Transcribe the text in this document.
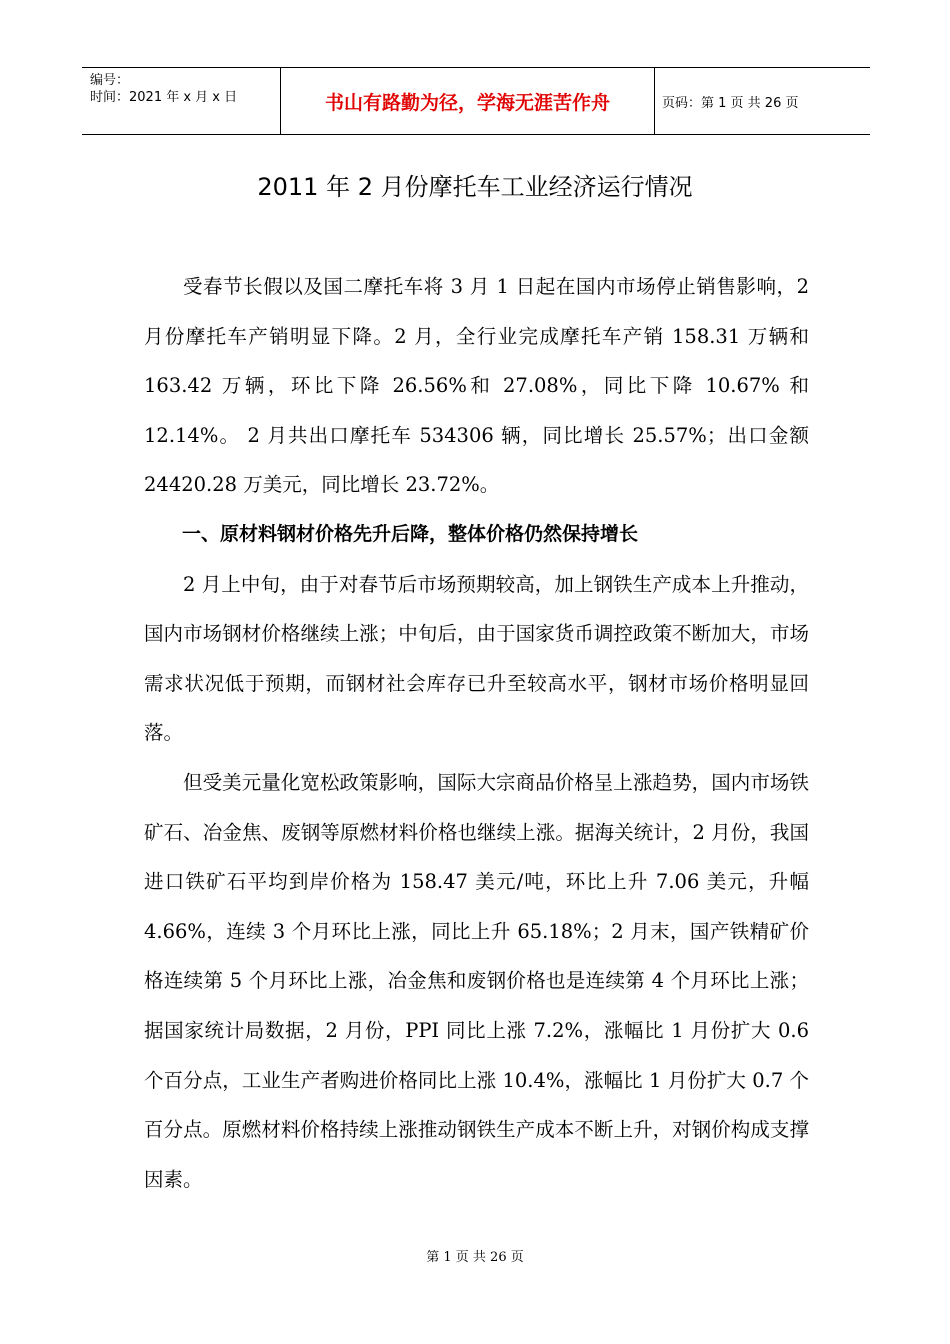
编号：
时间：2021 年 x 月 x 日	书山有路勤为径，学海无涯苦作舟	页码：第 1 页 共 26 页
2011 年 2 月份摩托车工业经济运行情况

受春节长假以及国二摩托车将 3 月 1 日起在国内市场停止销售影响，2 月份摩托车产销明显下降。2 月，全行业完成摩托车产销 158.31 万辆和 163.42 万辆，环比下降 26.56%和 27.08%，同比下降 10.67% 和 12.14%。 2 月共出口摩托车 534306 辆，同比增长 25.57%；出口金额 24420.28 万美元，同比增长 23.72%。

一、原材料钢材价格先升后降，整体价格仍然保持增长

2 月上中旬，由于对春节后市场预期较高，加上钢铁生产成本上升推动，国内市场钢材价格继续上涨；中旬后，由于国家货币调控政策不断加大，市场需求状况低于预期，而钢材社会库存已升至较高水平，钢材市场价格明显回落。

但受美元量化宽松政策影响，国际大宗商品价格呈上涨趋势，国内市场铁矿石、冶金焦、废钢等原燃材料价格也继续上涨。据海关统计，2 月份，我国进口铁矿石平均到岸价格为 158.47 美元/吨，环比上升 7.06 美元，升幅 4.66%，连续 3 个月环比上涨，同比上升 65.18%；2 月末，国产铁精矿价格连续第 5 个月环比上涨，冶金焦和废钢价格也是连续第 4 个月环比上涨；据国家统计局数据，2 月份，PPI 同比上涨 7.2%，涨幅比 1 月份扩大 0.6 个百分点，工业生产者购进价格同比上涨 10.4%，涨幅比 1 月份扩大 0.7 个百分点。原燃材料价格持续上涨推动钢铁生产成本不断上升，对钢价构成支撑因素。

第 1 页 共 26 页
